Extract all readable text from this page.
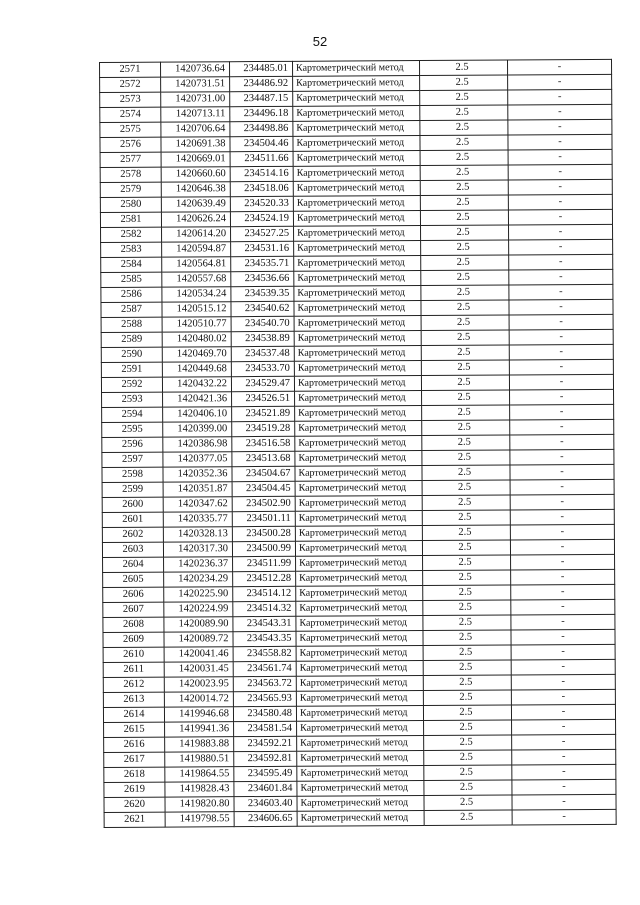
52
2571	1420736.64	234485.01	Картометрический метод	2.5	-
2572	1420731.51	234486.92	Картометрический метод	2.5	-
2573	1420731.00	234487.15	Картометрический метод	2.5	-
2574	1420713.11	234496.18	Картометрический метод	2.5	-
2575	1420706.64	234498.86	Картометрический метод	2.5	-
2576	1420691.38	234504.46	Картометрический метод	2.5	-
2577	1420669.01	234511.66	Картометрический метод	2.5	-
2578	1420660.60	234514.16	Картометрический метод	2.5	-
2579	1420646.38	234518.06	Картометрический метод	2.5	-
2580	1420639.49	234520.33	Картометрический метод	2.5	-
2581	1420626.24	234524.19	Картометрический метод	2.5	-
2582	1420614.20	234527.25	Картометрический метод	2.5	-
2583	1420594.87	234531.16	Картометрический метод	2.5	-
2584	1420564.81	234535.71	Картометрический метод	2.5	-
2585	1420557.68	234536.66	Картометрический метод	2.5	-
2586	1420534.24	234539.35	Картометрический метод	2.5	-
2587	1420515.12	234540.62	Картометрический метод	2.5	-
2588	1420510.77	234540.70	Картометрический метод	2.5	-
2589	1420480.02	234538.89	Картометрический метод	2.5	-
2590	1420469.70	234537.48	Картометрический метод	2.5	-
2591	1420449.68	234533.70	Картометрический метод	2.5	-
2592	1420432.22	234529.47	Картометрический метод	2.5	-
2593	1420421.36	234526.51	Картометрический метод	2.5	-
2594	1420406.10	234521.89	Картометрический метод	2.5	-
2595	1420399.00	234519.28	Картометрический метод	2.5	-
2596	1420386.98	234516.58	Картометрический метод	2.5	-
2597	1420377.05	234513.68	Картометрический метод	2.5	-
2598	1420352.36	234504.67	Картометрический метод	2.5	-
2599	1420351.87	234504.45	Картометрический метод	2.5	-
2600	1420347.62	234502.90	Картометрический метод	2.5	-
2601	1420335.77	234501.11	Картометрический метод	2.5	-
2602	1420328.13	234500.28	Картометрический метод	2.5	-
2603	1420317.30	234500.99	Картометрический метод	2.5	-
2604	1420236.37	234511.99	Картометрический метод	2.5	-
2605	1420234.29	234512.28	Картометрический метод	2.5	-
2606	1420225.90	234514.12	Картометрический метод	2.5	-
2607	1420224.99	234514.32	Картометрический метод	2.5	-
2608	1420089.90	234543.31	Картометрический метод	2.5	-
2609	1420089.72	234543.35	Картометрический метод	2.5	-
2610	1420041.46	234558.82	Картометрический метод	2.5	-
2611	1420031.45	234561.74	Картометрический метод	2.5	-
2612	1420023.95	234563.72	Картометрический метод	2.5	-
2613	1420014.72	234565.93	Картометрический метод	2.5	-
2614	1419946.68	234580.48	Картометрический метод	2.5	-
2615	1419941.36	234581.54	Картометрический метод	2.5	-
2616	1419883.88	234592.21	Картометрический метод	2.5	-
2617	1419880.51	234592.81	Картометрический метод	2.5	-
2618	1419864.55	234595.49	Картометрический метод	2.5	-
2619	1419828.43	234601.84	Картометрический метод	2.5	-
2620	1419820.80	234603.40	Картометрический метод	2.5	-
2621	1419798.55	234606.65	Картометрический метод	2.5	-
